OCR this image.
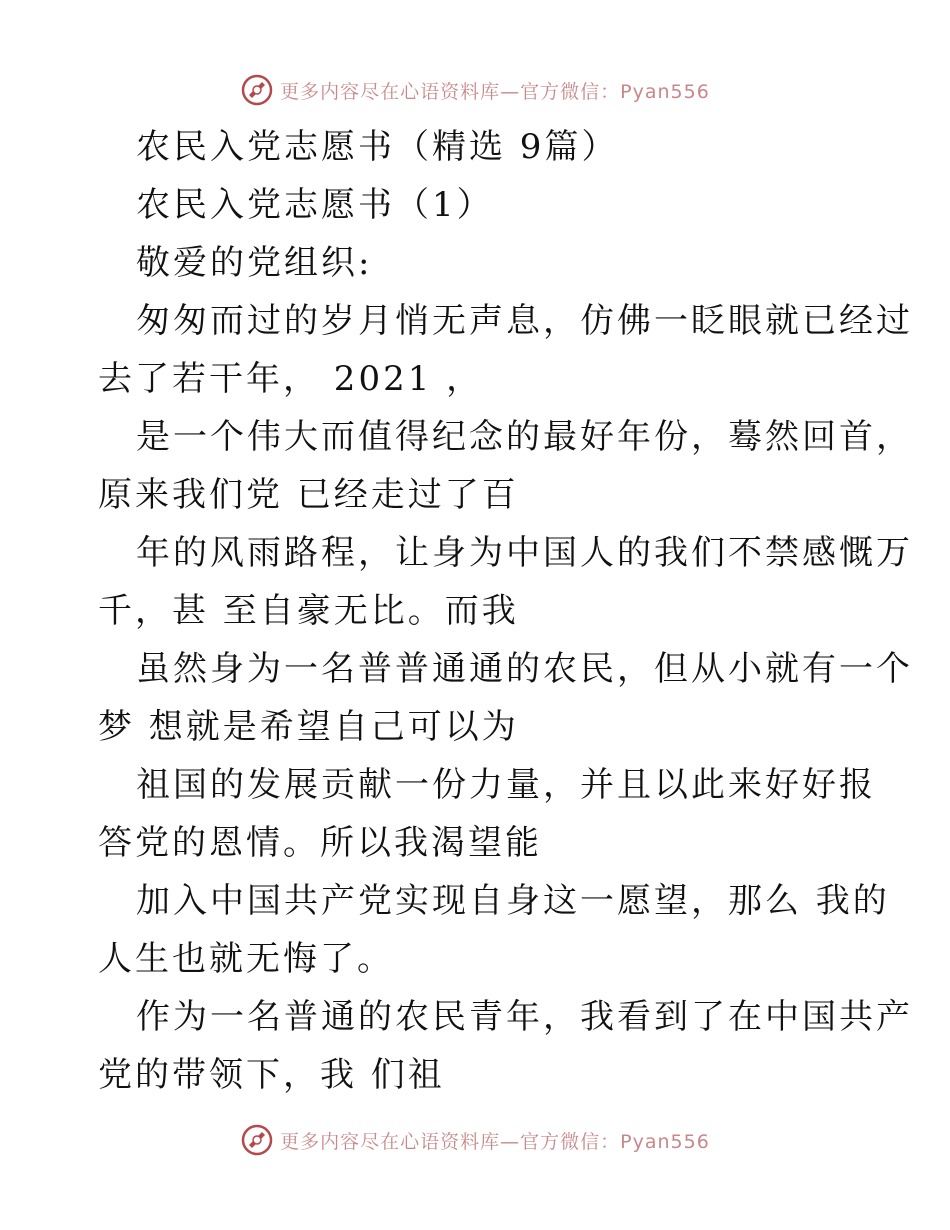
更多内容尽在心语资料库—官方微信：Pyan556
农民入党志愿书（精选 9篇）
农民入党志愿书（1）
敬爱的党组织:
匆匆而过的岁月悄无声息，仿佛一眨眼就已经过
去了若干年， 2021 ，
是一个伟大而值得纪念的最好年份，蓦然回首，
原来我们党 已经走过了百
年的风雨路程，让身为中国人的我们不禁感慨万
千，甚 至自豪无比。而我
虽然身为一名普普通通的农民，但从小就有一个
梦 想就是希望自己可以为
祖国的发展贡献一份力量，并且以此来好好报
答党的恩情。所以我渴望能
加入中国共产党实现自身这一愿望，那么 我的
人生也就无悔了。
作为一名普通的农民青年，我看到了在中国共产
党的带领下，我 们祖
更多内容尽在心语资料库—官方微信：Pyan556
